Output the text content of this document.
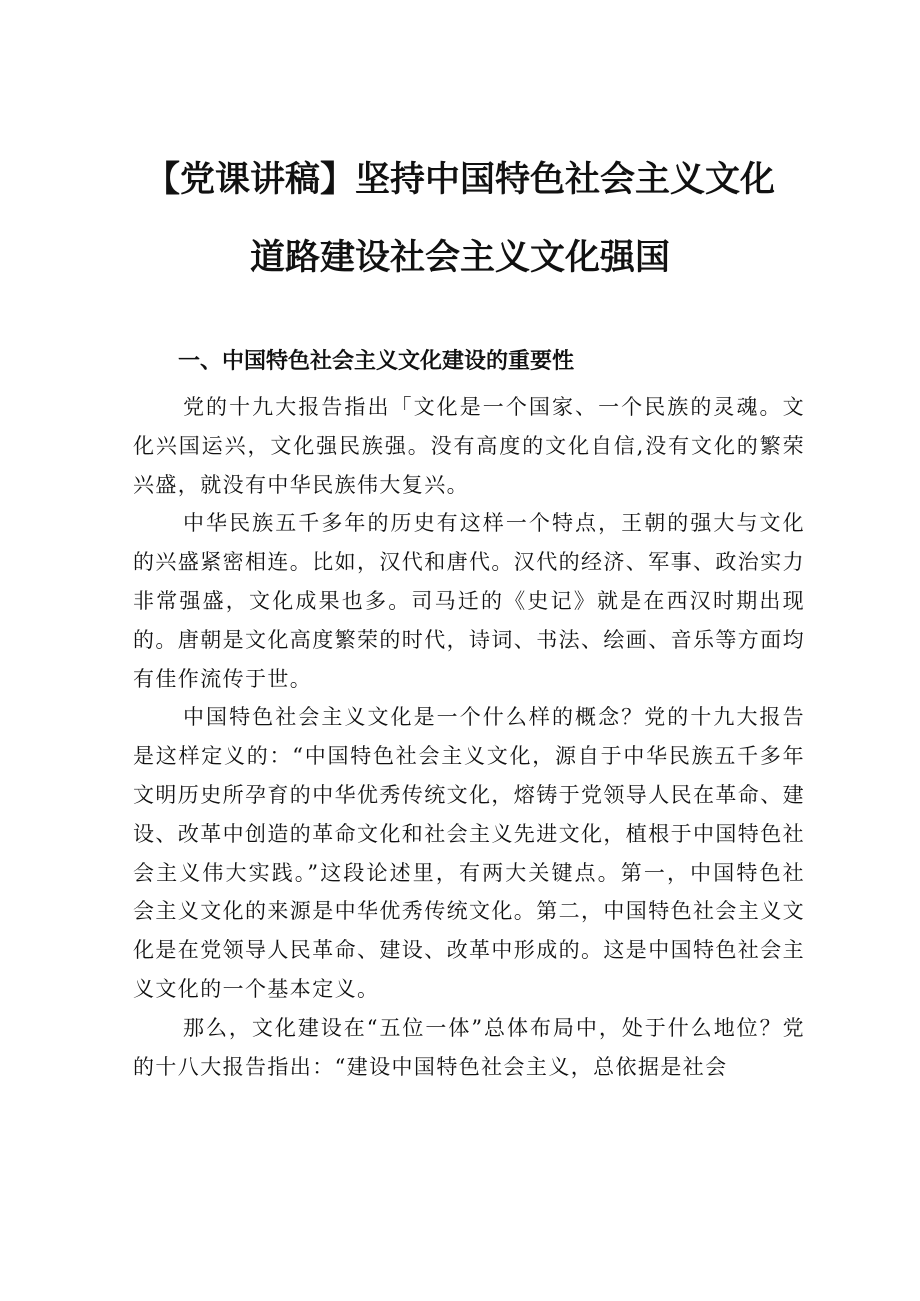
【党课讲稿】坚持中国特色社会主义文化
道路建设社会主义文化强国
一、中国特色社会主义文化建设的重要性

党的十九大报告指出「文化是一个国家、一个民族的灵魂。文化兴国运兴，文化强民族强。没有高度的文化自信,没有文化的繁荣兴盛，就没有中华民族伟大复兴。

中华民族五千多年的历史有这样一个特点，王朝的强大与文化的兴盛紧密相连。比如，汉代和唐代。汉代的经济、军事、政治实力非常强盛，文化成果也多。司马迁的《史记》就是在西汉时期出现的。唐朝是文化高度繁荣的时代，诗词、书法、绘画、音乐等方面均有佳作流传于世。

中国特色社会主义文化是一个什么样的概念？党的十九大报告是这样定义的：“中国特色社会主义文化，源自于中华民族五千多年文明历史所孕育的中华优秀传统文化，熔铸于党领导人民在革命、建设、改革中创造的革命文化和社会主义先进文化，植根于中国特色社会主义伟大实践。”这段论述里，有两大关键点。第一，中国特色社会主义文化的来源是中华优秀传统文化。第二，中国特色社会主义文化是在党领导人民革命、建设、改革中形成的。这是中国特色社会主义文化的一个基本定义。

那么，文化建设在“五位一体”总体布局中，处于什么地位？党的十八大报告指出：“建设中国特色社会主义，总依据是社会
